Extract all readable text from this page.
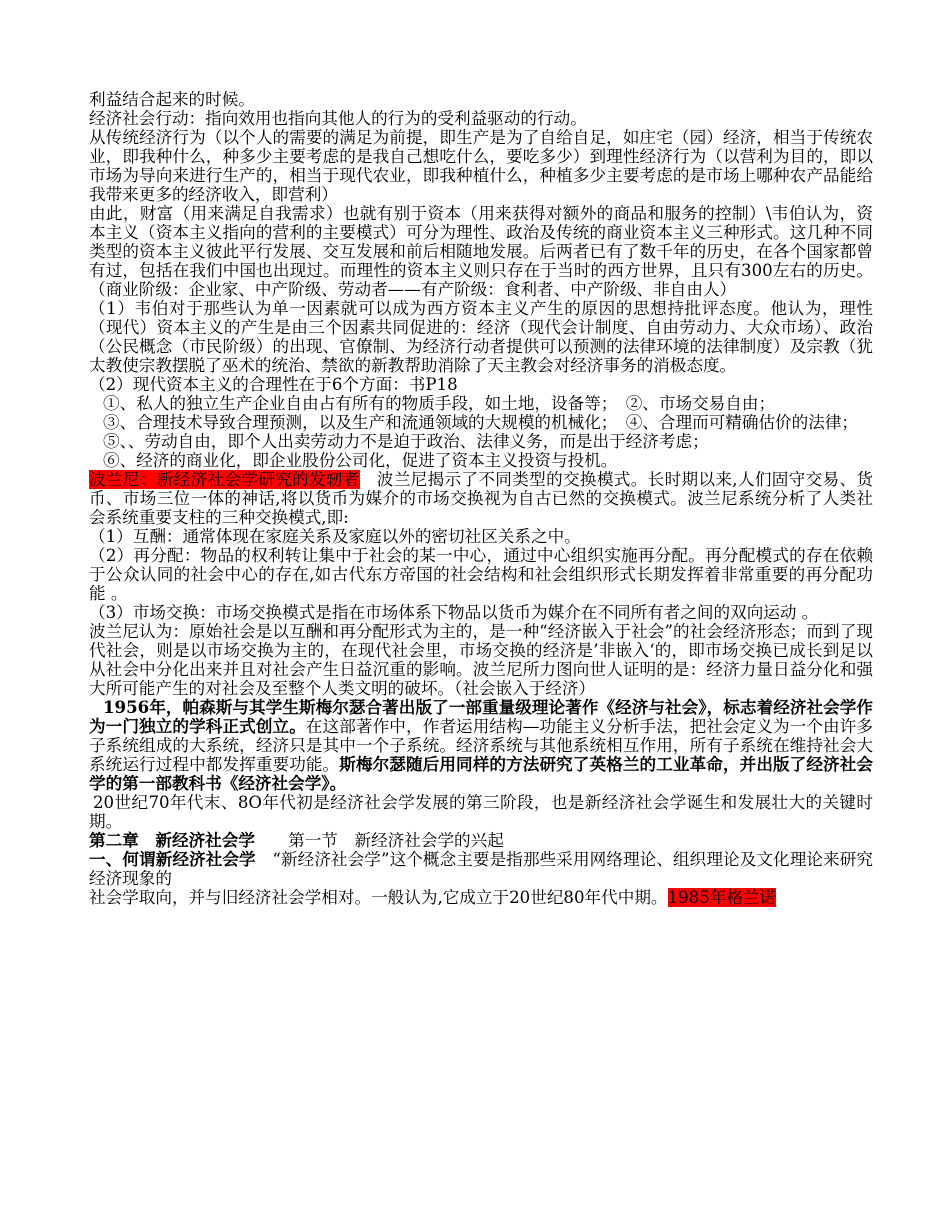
利益结合起来的时候。

经济社会行动：指向效用也指向其他人的行为的受利益驱动的行动。

从传统经济行为（以个人的需要的满足为前提，即生产是为了自给自足，如庄宅（园）经济，相当于传统农业，即我种什么，种多少主要考虑的是我自己想吃什么，要吃多少）到理性经济行为（以营利为目的，即以市场为导向来进行生产的，相当于现代农业，即我种植什么，种植多少主要考虑的是市场上哪种农产品能给我带来更多的经济收入，即营利）

由此，财富（用来满足自我需求）也就有别于资本（用来获得对额外的商品和服务的控制）\韦伯认为，资本主义（资本主义指向的营利的主要模式）可分为理性、政治及传统的商业资本主义三种形式。这几种不同类型的资本主义彼此平行发展、交互发展和前后相随地发展。后两者已有了数千年的历史，在各个国家都曾有过，包括在我们中国也出现过。而理性的资本主义则只存在于当时的西方世界，且只有300左右的历史。（商业阶级：企业家、中产阶级、劳动者——有产阶级：食利者、中产阶级、非自由人）

（1）韦伯对于那些认为单一因素就可以成为西方资本主义产生的原因的思想持批评态度。他认为，理性（现代）资本主义的产生是由三个因素共同促进的：经济（现代会计制度、自由劳动力、大众市场）、政治（公民概念（市民阶级）的出现、官僚制、为经济行动者提供可以预测的法律环境的法律制度）及宗教（犹太教使宗教摆脱了巫术的统治、禁欲的新教帮助消除了天主教会对经济事务的消极态度。

（2）现代资本主义的合理性在于6个方面：书P18

①、私人的独立生产企业自由占有所有的物质手段，如土地，设备等；　②、市场交易自由；

③、合理技术导致合理预测，以及生产和流通领域的大规模的机械化；　④、合理而可精确估价的法律；

⑤、、劳动自由，即个人出卖劳动力不是迫于政治、法律义务，而是出于经济考虑；

⑥、经济的商业化，即企业股份公司化，促进了资本主义投资与投机。

波兰尼：新经济社会学研究的发轫者　波兰尼揭示了不同类型的交换模式。长时期以来,人们固守交易、货币、市场三位一体的神话,将以货币为媒介的市场交换视为自古已然的交换模式。波兰尼系统分析了人类社会系统重要支柱的三种交换模式,即:

（1）互酬：通常体现在家庭关系及家庭以外的密切社区关系之中。

（2）再分配：物品的权利转让集中于社会的某一中心，通过中心组织实施再分配。再分配模式的存在依赖于公众认同的社会中心的存在,如古代东方帝国的社会结构和社会组织形式长期发挥着非常重要的再分配功能 。

（3）市场交换：市场交换模式是指在市场体系下物品以货币为媒介在不同所有者之间的双向运动 。

波兰尼认为：原始社会是以互酬和再分配形式为主的，是一种“经济嵌入于社会”的社会经济形态；而到了现代社会，则是以市场交换为主的，在现代社会里，市场交换的经济是’非嵌入‘的，即市场交换已成长到足以从社会中分化出来并且对社会产生日益沉重的影响。波兰尼所力图向世人证明的是：经济力量日益分化和强大所可能产生的对社会及至整个人类文明的破坏。（社会嵌入于经济）

1956年，帕森斯与其学生斯梅尔瑟合著出版了一部重量级理论著作《经济与社会》，标志着经济社会学作为一门独立的学科正式创立。在这部著作中，作者运用结构—功能主义分析手法，把社会定义为一个由许多子系统组成的大系统，经济只是其中一个子系统。经济系统与其他系统相互作用，所有子系统在维持社会大系统运行过程中都发挥重要功能。斯梅尔瑟随后用同样的方法研究了英格兰的工业革命，并出版了经济社会学的第一部教科书《经济社会学》。

20世纪70年代末、8O年代初是经济社会学发展的第三阶段，也是新经济社会学诞生和发展壮大的关键时期。

第二章　新经济社会学　　第一节　新经济社会学的兴起

一、何谓新经济社会学　“新经济社会学”这个概念主要是指那些采用网络理论、组织理论及文化理论来研究经济现象的

社会学取向，并与旧经济社会学相对。一般认为,它成立于20世纪80年代中期。1985年格兰诺
